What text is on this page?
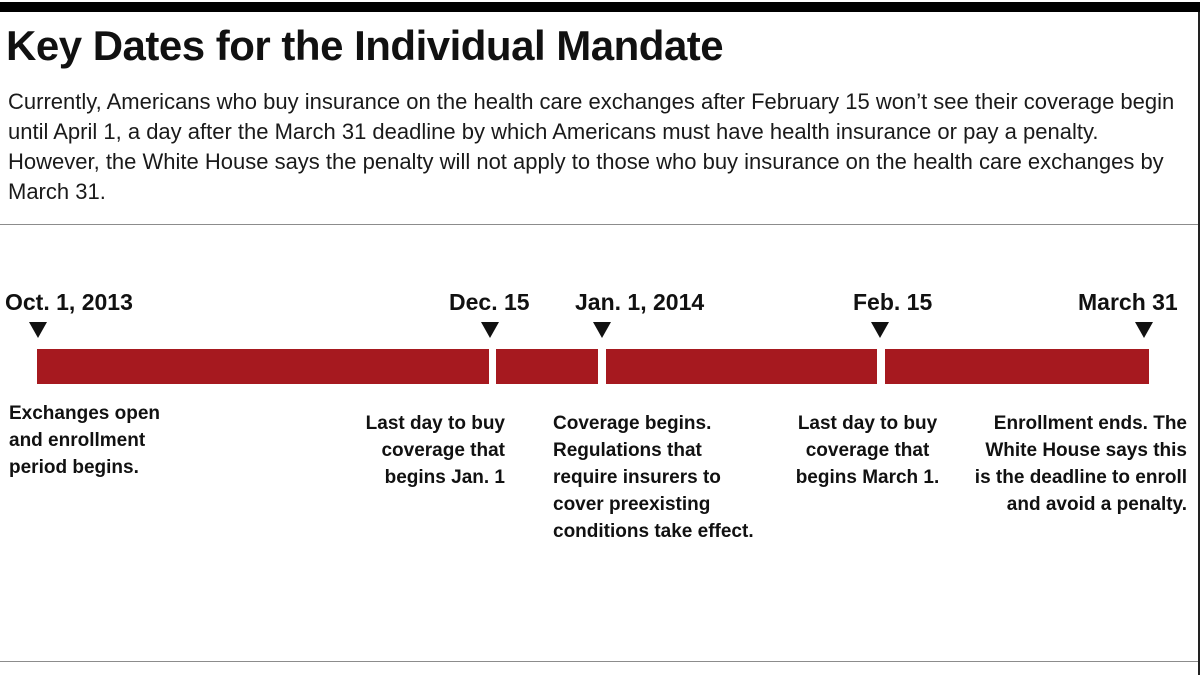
Key Dates for the Individual Mandate

Currently, Americans who buy insurance on the health care exchanges after February 15 won’t see their coverage begin until April 1, a day after the March 31 deadline by which Americans must have health insurance or pay a penalty. However, the White House says the penalty will not apply to those who buy insurance on the health care exchanges by March 31.

Oct. 1, 2013	Dec. 15 Jan. 1, 2014	Feb. 15	March 31

Exchanges open and enrollment period begins.

Last day to buy coverage that begins Jan. 1

Coverage begins. Regulations that require insurers to cover preexisting conditions take effect.

Last day to buy coverage that begins March 1.

Enrollment ends. The White House says this is the deadline to enroll and avoid a penalty.
